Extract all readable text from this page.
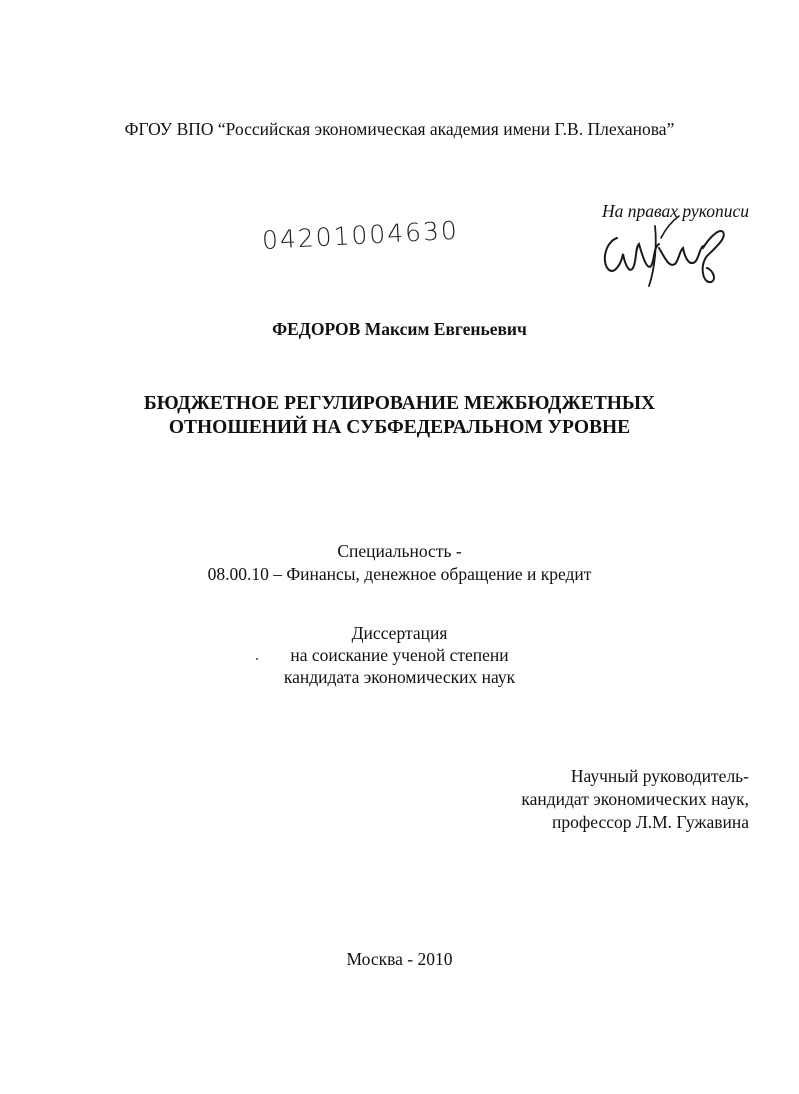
ФГОУ ВПО “Российская экономическая академия имени Г.В. Плеханова”
На правах рукописи
04201004630
ФЕДОРОВ Максим Евгеньевич
БЮДЖЕТНОЕ РЕГУЛИРОВАНИЕ МЕЖБЮДЖЕТНЫХ
ОТНОШЕНИЙ НА СУБФЕДЕРАЛЬНОМ УРОВНЕ
Специальность -
08.00.10 – Финансы, денежное обращение и кредит
Диссертация
на соискание ученой степени
кандидата экономических наук
Научный руководитель-
кандидат экономических наук,
профессор Л.М. Гужавина
Москва - 2010
